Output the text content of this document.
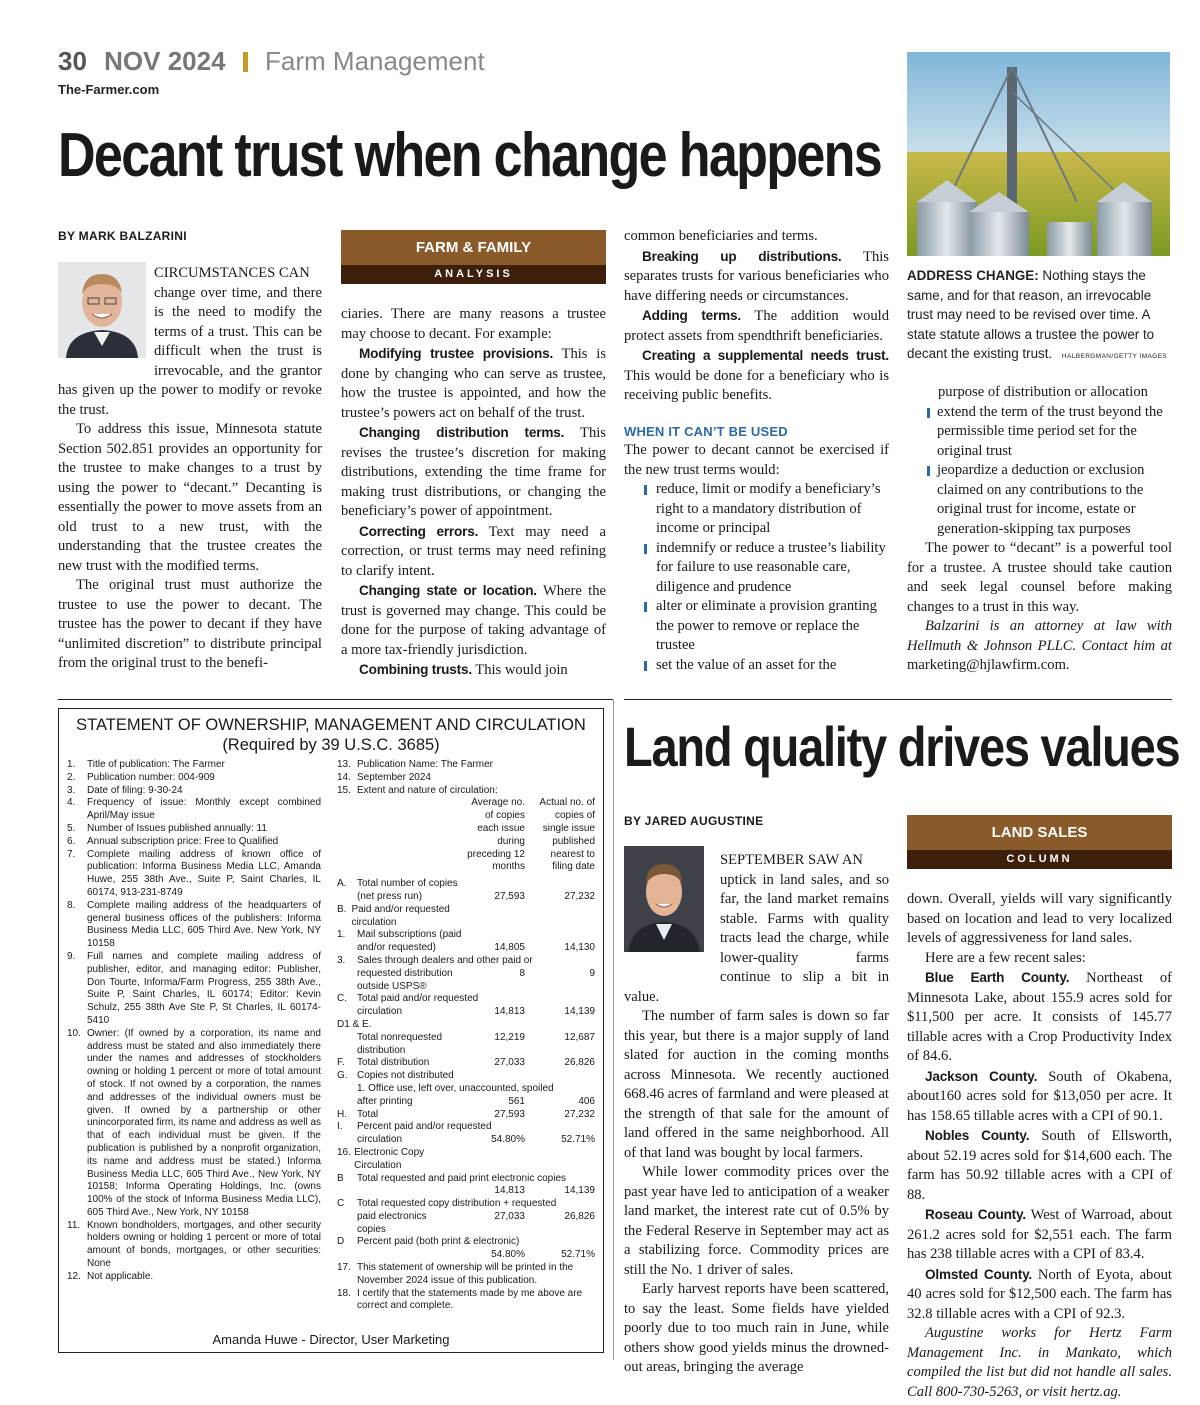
30 NOV 2024 Farm Management
The-Farmer.com
Decant trust when change happens
ADDRESS CHANGE: Nothing stays the same, and for that reason, an irrevocable trust may need to be revised over time. A state statute allows a trustee the power to decant the existing trust. HALBERGMAN/GETTY IMAGES
BY MARK BALZARINI

CIRCUMSTANCES CAN

change over time, and there is the need to modify the terms of a trust. This can be difficult when the trust is irrevocable, and the grantor has given up the power to modify or revoke the trust.

To address this issue, Minnesota statute Section 502.851 provides an opportunity for the trustee to make changes to a trust by using the power to “decant.” Decanting is essentially the power to move assets from an old trust to a new trust, with the understanding that the trustee creates the new trust with the modified terms.

The original trust must authorize the trustee to use the power to decant. The trustee has the power to decant if they have “unlimited discretion” to distribute principal from the original trust to the benefi-

FARM & FAMILY
ANALYSIS

ciaries. There are many reasons a trustee may choose to decant. For example:

Modifying trustee provisions. This is done by changing who can serve as trustee, how the trustee is appointed, and how the trustee’s powers act on behalf of the trust.

Changing distribution terms. This revises the trustee’s discretion for making distributions, extending the time frame for making trust distributions, or changing the beneficiary’s power of appointment.

Correcting errors. Text may need a correction, or trust terms may need refining to clarify intent.

Changing state or location. Where the trust is governed may change. This could be done for the purpose of taking advantage of a more tax-friendly jurisdiction.

Combining trusts. This would join

common beneficiaries and terms.

Breaking up distributions. This separates trusts for various beneficiaries who have differing needs or circumstances.

Adding terms. The addition would protect assets from spendthrift beneficiaries.

Creating a supplemental needs trust. This would be done for a beneficiary who is receiving public benefits.

WHEN IT CAN’T BE USED

The power to decant cannot be exercised if the new trust terms would:

reduce, limit or modify a beneficiary’s right to a mandatory distribution of income or principal

indemnify or reduce a trustee’s liability for failure to use reasonable care, diligence and prudence

alter or eliminate a provision granting the power to remove or replace the trustee

set the value of an asset for the

purpose of distribution or allocation

extend the term of the trust beyond the permissible time period set for the original trust

jeopardize a deduction or exclusion claimed on any contributions to the original trust for income, estate or generation-skipping tax purposes

The power to “decant” is a powerful tool for a trustee. A trustee should take caution and seek legal counsel before making changes to a trust in this way.

Balzarini is an attorney at law with Hellmuth & Johnson PLLC. Contact him at marketing@hjlawfirm.com.

STATEMENT OF OWNERSHIP, MANAGEMENT AND CIRCULATION
(Required by 39 U.S.C. 3685)
1.	Title of publication: The Farmer
2.	Publication number: 004-909
3.	Date of filing: 9-30-24
4.	Frequency of issue: Monthly except combined April/May issue
5.	Number of Issues published annually: 11
6.	Annual subscription price: Free to Qualified
7.	Complete mailing address of known office of publication: Informa Business Media LLC, Amanda Huwe, 255 38th Ave., Suite P, Saint Charles, IL 60174, 913-231-8749
8.	Complete mailing address of the headquarters of general business offices of the publishers: Informa Business Media LLC, 605 Third Ave. New York, NY 10158
9.	Full names and complete mailing address of publisher, editor, and managing editor: Publisher, Don Tourte, Informa/Farm Progress, 255 38th Ave., Suite P, Saint Charles, IL 60174; Editor: Kevin Schulz, 255 38th Ave Ste P, St Charles, IL 60174-5410
10. Owner: (If owned by a corporation, its name and address must be stated and also immediately there under the names and addresses of stockholders owning or holding 1 percent or more of total amount of stock. If not owned by a corporation, the names and addresses of the individual owners must be given. If owned by a partnership or other unincorporated firm, its name and address as well as that of each individual must be given. If the publication is published by a nonprofit organization, its name and address must be stated.) Informa Business Media LLC, 605 Third Ave., New York, NY 10158; Informa Operating Holdings, Inc. (owns 100% of the stock of Informa Business Media LLC), 605 Third Ave., New York, NY 10158
11. Known bondholders, mortgages, and other security holders owning or holding 1 percent or more of total amount of bonds, mortgages, or other securities: None
12. Not applicable.
13. Publication Name: The Farmer
14. September 2024
15. Extent and nature of circulation:
Average no. of copies each issue during preceding 12 months
Actual no. of copies of single issue published nearest to filing date
A.	Total number of copies
(net press run)	27,593	27,232
B. Paid and/or requested circulation
1.	Mail subscriptions (paid
and/or requested)	14,805	14,130
3.	Sales through dealers and other paid or
requested distribution outside USPS®
8	9
C.	Total paid and/or requested
circulation	14,813	14,139
D1 & E.
Total nonrequested distribution
12,219	12,687
F.	Total distribution	27,033	26,826
G. Copies not distributed
1. Office use, left over, unaccounted, spoiled
after printing	561	406
H.	Total	27,593	27,232
I.	Percent paid and/or requested
circulation	54.80%	52.71%
16. Electronic Copy Circulation
B	Total requested and paid print electronic copies
14,813	14,139
C	Total requested copy distribution + requested
paid electronics copies
27,033	26,826
D	Percent paid (both print & electronic)
54.80%	52.71%
17. This statement of ownership will be printed in the November 2024 issue of this publication.
18. I certify that the statements made by me above are correct and complete.
Amanda Huwe - Director, User Marketing
Land quality drives values
BY JARED AUGUSTINE
LAND SALES
COLUMN

SEPTEMBER SAW AN

uptick in land sales, and so far, the land market remains stable. Farms with quality tracts lead the charge, while lower-quality farms continue to slip a bit in value.

The number of farm sales is down so far this year, but there is a major supply of land slated for auction in the coming months across Minnesota. We recently auctioned 668.46 acres of farmland and were pleased at the strength of that sale for the amount of land offered in the same neighborhood. All of that land was bought by local farmers.

While lower commodity prices over the past year have led to anticipation of a weaker land market, the interest rate cut of 0.5% by the Federal Reserve in September may act as a stabilizing force. Commodity prices are still the No. 1 driver of sales.

Early harvest reports have been scattered, to say the least. Some fields have yielded poorly due to too much rain in June, while others show good yields minus the drowned-out areas, bringing the average

down. Overall, yields will vary significantly based on location and lead to very localized levels of aggressiveness for land sales.

Here are a few recent sales:

Blue Earth County. Northeast of Minnesota Lake, about 155.9 acres sold for $11,500 per acre. It consists of 145.77 tillable acres with a Crop Productivity Index of 84.6.

Jackson County. South of Okabena, about160 acres sold for $13,050 per acre. It has 158.65 tillable acres with a CPI of 90.1.

Nobles County. South of Ellsworth, about 52.19 acres sold for $14,600 each. The farm has 50.92 tillable acres with a CPI of 88.

Roseau County. West of Warroad, about 261.2 acres sold for $2,551 each. The farm has 238 tillable acres with a CPI of 83.4.

Olmsted County. North of Eyota, about 40 acres sold for $12,500 each. The farm has 32.8 tillable acres with a CPI of 92.3.

Augustine works for Hertz Farm Management Inc. in Mankato, which compiled the list but did not handle all sales. Call 800-730-5263, or visit hertz.ag.
